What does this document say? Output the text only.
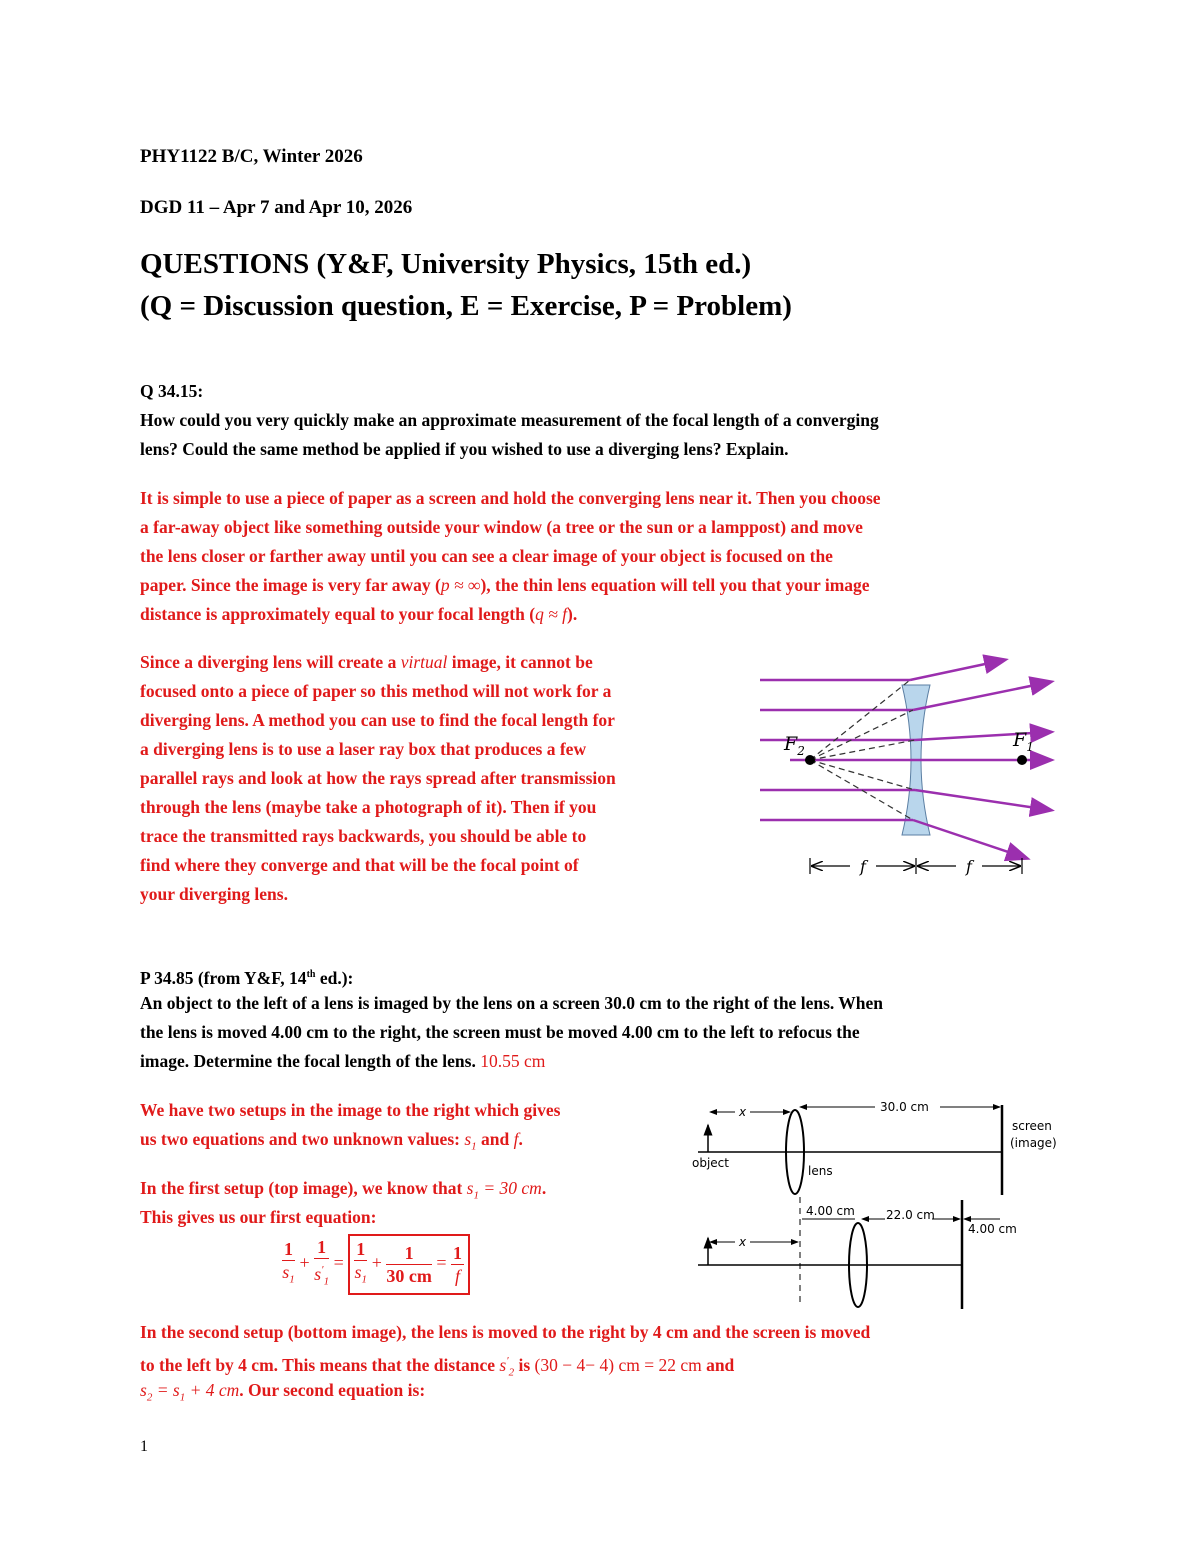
PHY1122 B/C, Winter 2026
DGD 11 – Apr 7 and Apr 10, 2026
QUESTIONS (Y&F, University Physics, 15th ed.)
(Q = Discussion question, E = Exercise, P = Problem)
Q 34.15:
How could you very quickly make an approximate measurement of the focal length of a converging
lens? Could the same method be applied if you wished to use a diverging lens? Explain.
It is simple to use a piece of paper as a screen and hold the converging lens near it. Then you choose
a far-away object like something outside your window (a tree or the sun or a lamppost) and move
the lens closer or farther away until you can see a clear image of your object is focused on the
paper. Since the image is very far away (p ≈ ∞), the thin lens equation will tell you that your image
distance is approximately equal to your focal length (q ≈ f).
Since a diverging lens will create a virtual image, it cannot be
focused onto a piece of paper so this method will not work for a
diverging lens. A method you can use to find the focal length for
a diverging lens is to use a laser ray box that produces a few
parallel rays and look at how the rays spread after transmission
through the lens (maybe take a photograph of it). Then if you
trace the transmitted rays backwards, you should be able to
find where they converge and that will be the focal point of
your diverging lens.
$F_2$	$F_1$
f	f
P 34.85 (from Y&F, 14th ed.):
An object to the left of a lens is imaged by the lens on a screen 30.0 cm to the right of the lens. When
the lens is moved 4.00 cm to the right, the screen must be moved 4.00 cm to the left to refocus the
image. Determine the focal length of the lens. 10.55 cm
We have two setups in the image to the right which gives
us two equations and two unknown values: $s_1$ and f.
In the first setup (top image), we know that $s_1 = 30$ cm.
This gives us our first equation:
$\frac{1}{s_1} + \frac{1}{s'_1} = \frac{1}{s_1} + \frac{1}{30 cm} = \frac{1}{f}$
In the second setup (bottom image), the lens is moved to the right by 4 cm and the screen is moved
to the left by 4 cm. This means that the distance $s'_2$ is (30 − 4− 4) cm = 22 cm and
$s_2 = s_1 + 4$ cm. Our second equation is:
x	30.0 cm
screen
(image)
object
lens
x
4.00 cm	22.0 cm
4.00 cm
1
